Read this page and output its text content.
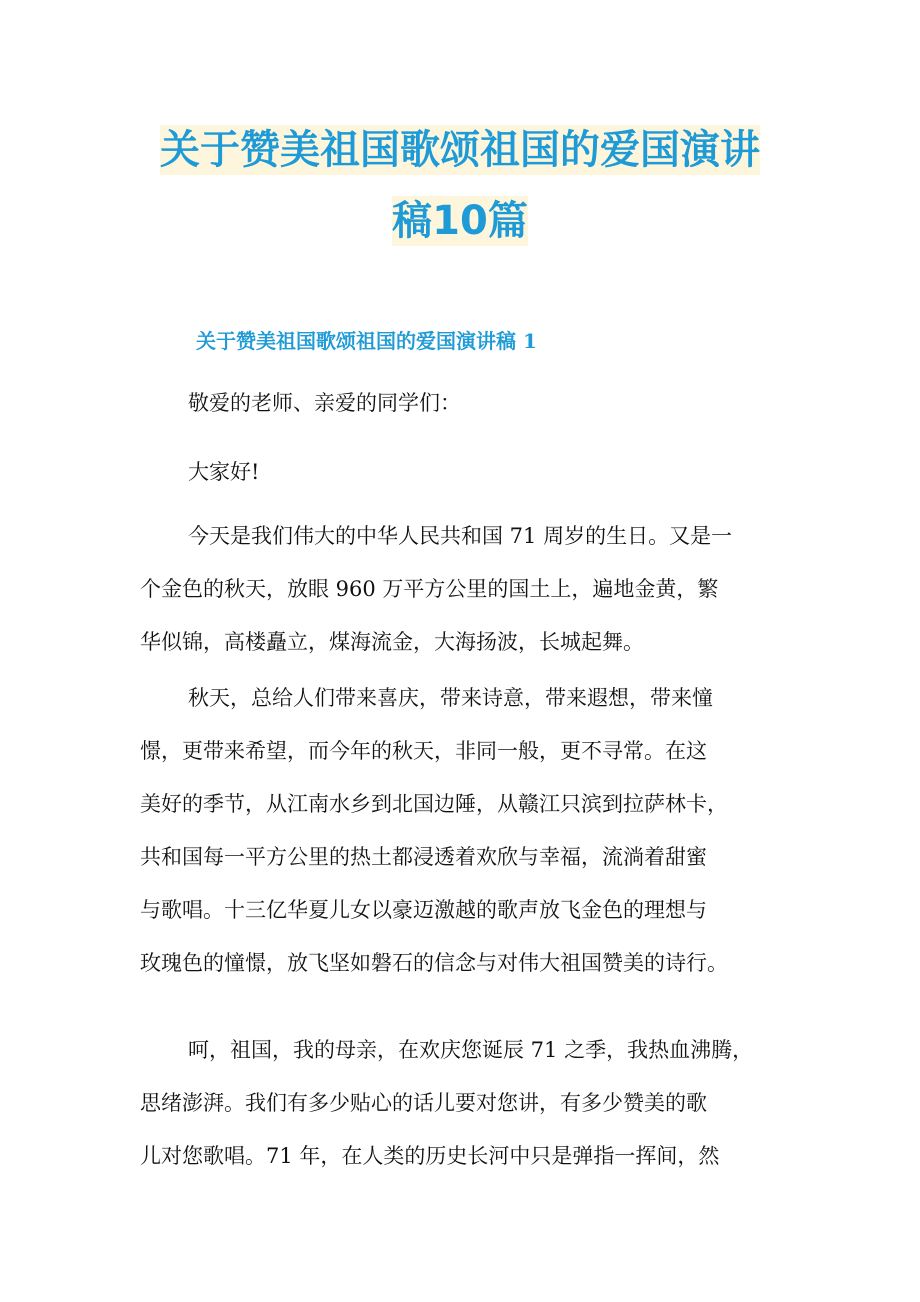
关于赞美祖国歌颂祖国的爱国演讲
稿10篇
关于赞美祖国歌颂祖国的爱国演讲稿 1

敬爱的老师、亲爱的同学们：

大家好!

今天是我们伟大的中华人民共和国 71 周岁的生日。又是一
个金色的秋天，放眼 960 万平方公里的国土上，遍地金黄，繁
华似锦，高楼矗立，煤海流金，大海扬波，长城起舞。

秋天，总给人们带来喜庆，带来诗意，带来遐想，带来憧
憬，更带来希望，而今年的秋天，非同一般，更不寻常。在这
美好的季节，从江南水乡到北国边陲，从赣江只滨到拉萨林卡，
共和国每一平方公里的热土都浸透着欢欣与幸福，流淌着甜蜜
与歌唱。十三亿华夏儿女以豪迈激越的歌声放飞金色的理想与
玫瑰色的憧憬，放飞坚如磐石的信念与对伟大祖国赞美的诗行。

呵，祖国，我的母亲，在欢庆您诞辰 71 之季，我热血沸腾，
思绪澎湃。我们有多少贴心的话儿要对您讲，有多少赞美的歌
儿对您歌唱。71 年，在人类的历史长河中只是弹指一挥间，然
